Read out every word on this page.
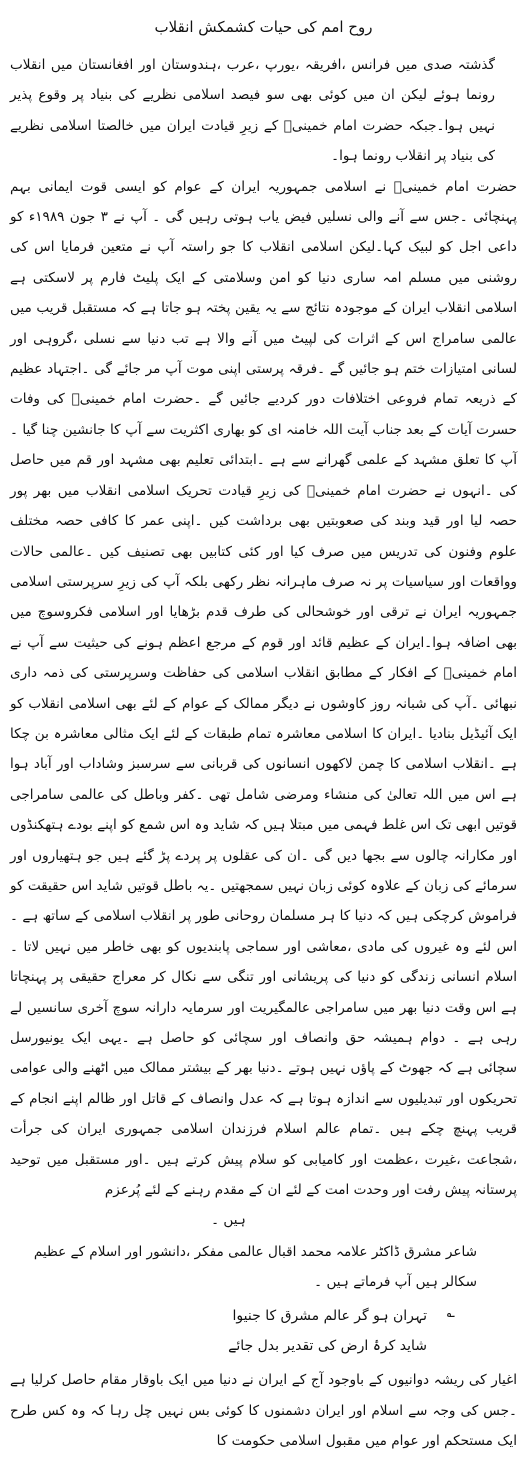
روح امم کی حیات کشمکش انقلاب

گذشتہ صدی میں فرانس ،افریقہ ،یورپ ،عرب ،ہندوستان اور افغانستان میں انقلاب رونما ہوئے لیکن ان میں کوئی بھی سو فیصد اسلامی نظریے کی بنیاد پر وقوع پذیر نہیں ہوا۔جبکہ حضرت امام خمینیؒ کے زیرِ قیادت ایران میں خالصتا اسلامی نظریے کی بنیاد پر انقلاب رونما ہوا۔

حضرت امام خمینیؒ نے اسلامی جمہوریہ ایران کے عوام کو ایسی قوت ایمانی بہم پہنچائی ۔جس سے آنے والی نسلیں فیض یاب ہوتی رہیں گی ۔ آپ نے ۳ جون ۱۹۸۹ء کو داعی اجل کو لبیک کہا۔لیکن اسلامی انقلاب کا جو راستہ آپ نے متعین فرمایا اس کی روشنی میں مسلم امہ ساری دنیا کو امن وسلامتی کے ایک پلیٹ فارم پر لاسکتی ہے اسلامی انقلاب ایران کے موجودہ نتائج سے یہ یقین پختہ ہو جاتا ہے کہ مستقبل قریب میں عالمی سامراج اس کے اثرات کی لپیٹ میں آنے والا ہے تب دنیا سے نسلی ،گروہی اور لسانی امتیازات ختم ہو جائیں گے ۔فرقہ پرستی اپنی موت آپ مر جائے گی ۔اجتہاد عظیم کے ذریعہ تمام فروعی اختلافات دور کردیے جائیں گے ۔حضرت امام خمینیؒ کی وفات حسرت آیات کے بعد جناب آیت اللہ خامنہ ای کو بھاری اکثریت سے آپ کا جانشین چنا گیا ۔آپ کا تعلق مشہد کے علمی گھرانے سے ہے ۔ابتدائی تعلیم بھی مشہد اور قم میں حاصل کی ۔انہوں نے حضرت امام خمینیؒ کی زیرِ قیادت تحریک اسلامی انقلاب میں بھر پور حصہ لیا اور قید وبند کی صعوبتیں بھی برداشت کیں ۔اپنی عمر کا کافی حصہ مختلف علوم وفنون کی تدریس میں صرف کیا اور کئی کتابیں بھی تصنیف کیں ۔عالمی حالات وواقعات اور سیاسیات پر نہ صرف ماہرانہ نظر رکھی بلکہ آپ کی زیرِ سرپرستی اسلامی جمہوریہ ایران نے ترقی اور خوشحالی کی طرف قدم بڑھایا اور اسلامی فکروسوچ میں بھی اضافہ ہوا۔ایران کے عظیم قائد اور قوم کے مرجع اعظم ہونے کی حیثیت سے آپ نے امام خمینیؒ کے افکار کے مطابق انقلاب اسلامی کی حفاظت وسرپرستی کی ذمہ داری نبھائی ۔آپ کی شبانہ روز کاوشوں نے دیگر ممالک کے عوام کے لئے بھی اسلامی انقلاب کو ایک آئیڈیل بنادیا ۔ایران کا اسلامی معاشرہ تمام طبقات کے لئے ایک مثالی معاشرہ بن چکا ہے ۔انقلاب اسلامی کا چمن لاکھوں انسانوں کی قربانی سے سرسبز وشاداب اور آباد ہوا ہے اس میں اللہ تعالیٰ کی منشاء ومرضی شامل تھی ۔کفر وباطل کی عالمی سامراجی قوتیں ابھی تک اس غلط فہمی میں مبتلا ہیں کہ شاید وہ اس شمع کو اپنے بودے ہتھکنڈوں اور مکارانہ چالوں سے بجھا دیں گی ۔ان کی عقلوں پر پردے پڑ گئے ہیں جو ہتھیاروں اور سرمائے کی زبان کے علاوہ کوئی زبان نہیں سمجھتیں ۔یہ باطل قوتیں شاید اس حقیقت کو فراموش کرچکی ہیں کہ دنیا کا ہر مسلمان روحانی طور پر انقلاب اسلامی کے ساتھ ہے ۔اس لئے وہ غیروں کی مادی ،معاشی اور سماجی پابندیوں کو بھی خاطر میں نہیں لاتا ۔اسلام انسانی زندگی کو دنیا کی پریشانی اور تنگی سے نکال کر معراج حقیقی پر پہنچاتا ہے اس وقت دنیا بھر میں سامراجی عالمگیریت اور سرمایہ دارانہ سوچ آخری سانسیں لے رہی ہے ۔ دوام ہمیشہ حق وانصاف اور سچائی کو حاصل ہے ۔یہی ایک یونیورسل سچائی ہے کہ جھوٹ کے پاؤں نہیں ہوتے ۔دنیا بھر کے بیشتر ممالک میں اٹھنے والی عوامی تحریکوں اور تبدیلیوں سے اندازہ ہوتا ہے کہ عدل وانصاف کے قاتل اور ظالم اپنے انجام کے قریب پہنچ چکے ہیں ۔تمام عالم اسلام فرزندان اسلامی جمہوری ایران کی جرأت ،شجاعت ،غیرت ،عظمت اور کامیابی کو سلام پیش کرتے ہیں ۔اور مستقبل میں توحید پرستانہ پیش رفت اور وحدت امت کے لئے ان کے مقدم رہنے کے لئے پُرعزم

ہیں ۔

شاعر مشرق ڈاکٹر علامہ محمد اقبال عالمی مفکر ،دانشور اور اسلام کے عظیم سکالر ہیں آپ فرماتے ہیں ۔

؎
تہران ہو گر عالم مشرق کا جنیوا
شاید کرۂ ارض کی تقدیر بدل جائے

اغیار کی ریشہ دوانیوں کے باوجود آج کے ایران نے دنیا میں ایک باوقار مقام حاصل کرلیا ہے ۔جس کی وجہ سے اسلام اور ایران دشمنوں کا کوئی بس نہیں چل رہا کہ وہ کس طرح ایک مستحکم اور عوام میں مقبول اسلامی حکومت کا
